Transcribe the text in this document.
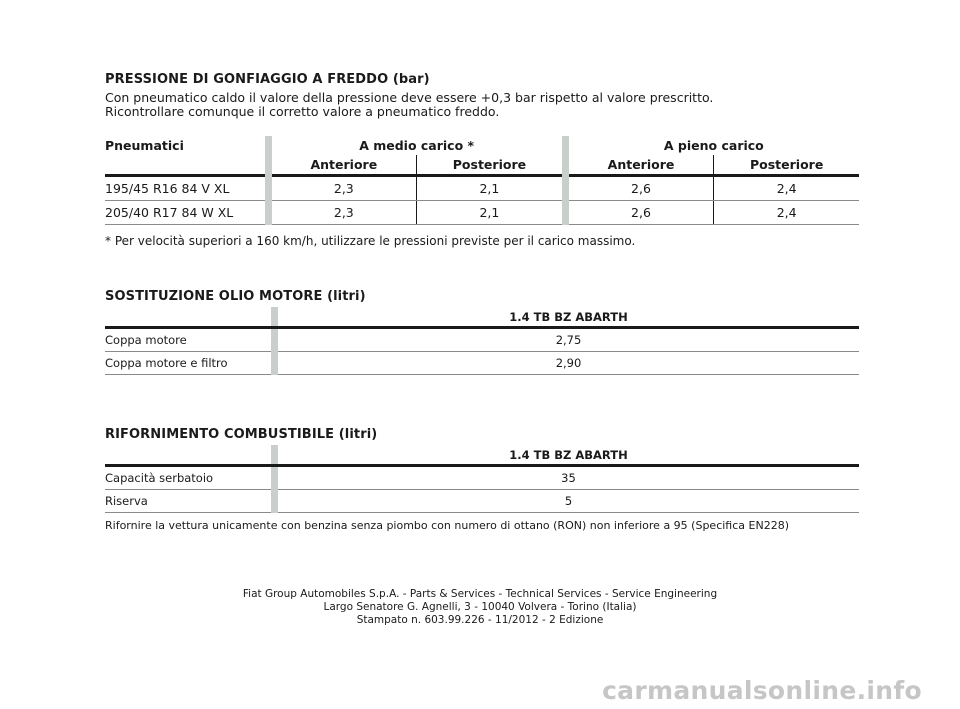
PRESSIONE DI GONFIAGGIO A FREDDO (bar)
Con pneumatico caldo il valore della pressione deve essere +0,3 bar rispetto al valore prescritto.
Ricontrollare comunque il corretto valore a pneumatico freddo.
Pneumatici		A medio carico *			A pieno carico	
		Anteriore	Posteriore		Anteriore	Posteriore
195/45 R16 84 V XL		2,3	2,1		2,6	2,4
205/40 R17 84 W XL		2,3	2,1		2,6	2,4
* Per velocità superiori a 160 km/h, utilizzare le pressioni previste per il carico massimo.
SOSTITUZIONE OLIO MOTORE (litri)
		1.4 TB BZ ABARTH
Coppa motore		2,75
Coppa motore e filtro		2,90
RIFORNIMENTO COMBUSTIBILE (litri)
		1.4 TB BZ ABARTH
Capacità serbatoio		35
Riserva		5
Rifornire la vettura unicamente con benzina senza piombo con numero di ottano (RON) non inferiore a 95 (Specifica EN228)
Fiat Group Automobiles S.p.A. - Parts & Services - Technical Services - Service Engineering
Largo Senatore G. Agnelli, 3 - 10040 Volvera - Torino (Italia)
Stampato n. 603.99.226 - 11/2012 - 2 Edizione
carmanualsonline.info
